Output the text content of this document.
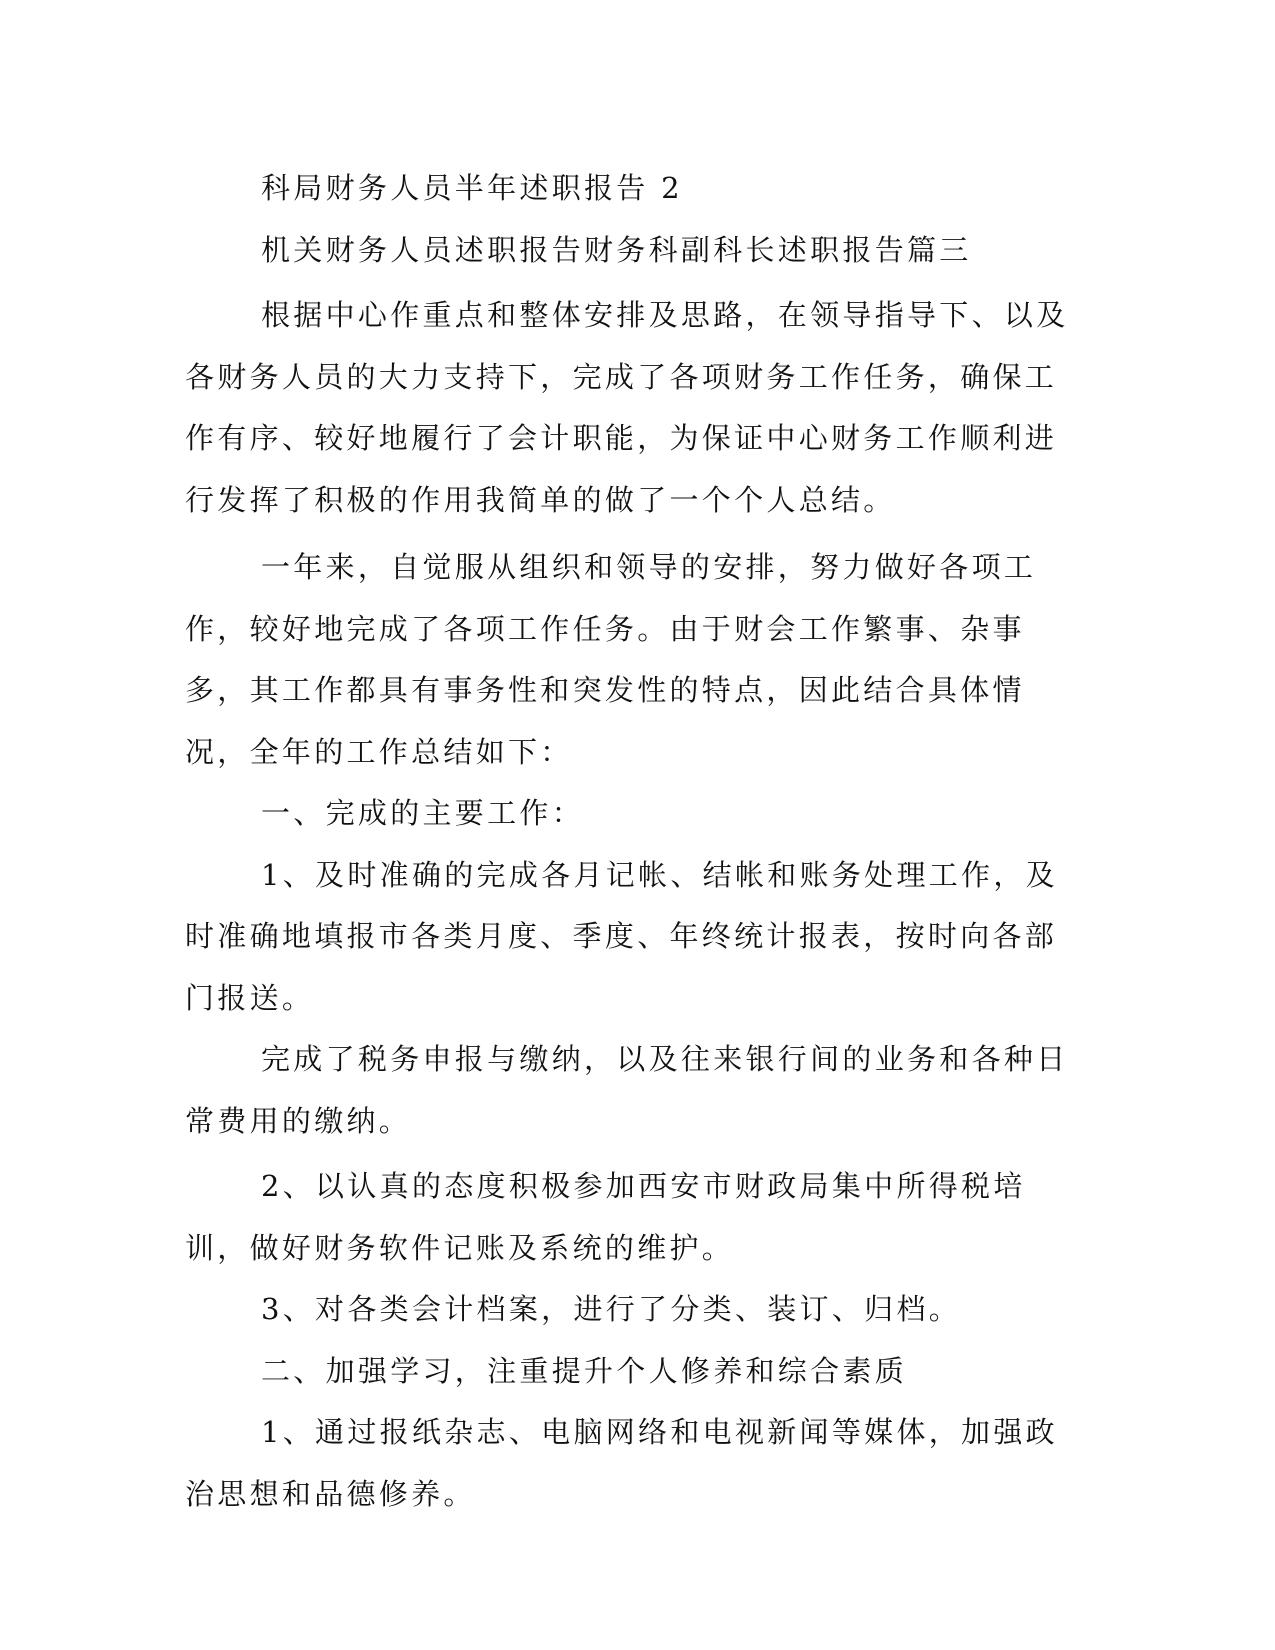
科局财务人员半年述职报告 2

机关财务人员述职报告财务科副科长述职报告篇三

根据中心作重点和整体安排及思路，在领导指导下、以及各财务人员的大力支持下，完成了各项财务工作任务，确保工作有序、较好地履行了会计职能，为保证中心财务工作顺利进行发挥了积极的作用我简单的做了一个个人总结。

一年来，自觉服从组织和领导的安排，努力做好各项工作，较好地完成了各项工作任务。由于财会工作繁事、杂事多，其工作都具有事务性和突发性的特点，因此结合具体情况，全年的工作总结如下：

一、完成的主要工作：

1、及时准确的完成各月记帐、结帐和账务处理工作，及时准确地填报市各类月度、季度、年终统计报表，按时向各部门报送。

完成了税务申报与缴纳，以及往来银行间的业务和各种日常费用的缴纳。

2、以认真的态度积极参加西安市财政局集中所得税培训，做好财务软件记账及系统的维护。

3、对各类会计档案，进行了分类、装订、归档。

二、加强学习，注重提升个人修养和综合素质

1、通过报纸杂志、电脑网络和电视新闻等媒体，加强政治思想和品德修养。
